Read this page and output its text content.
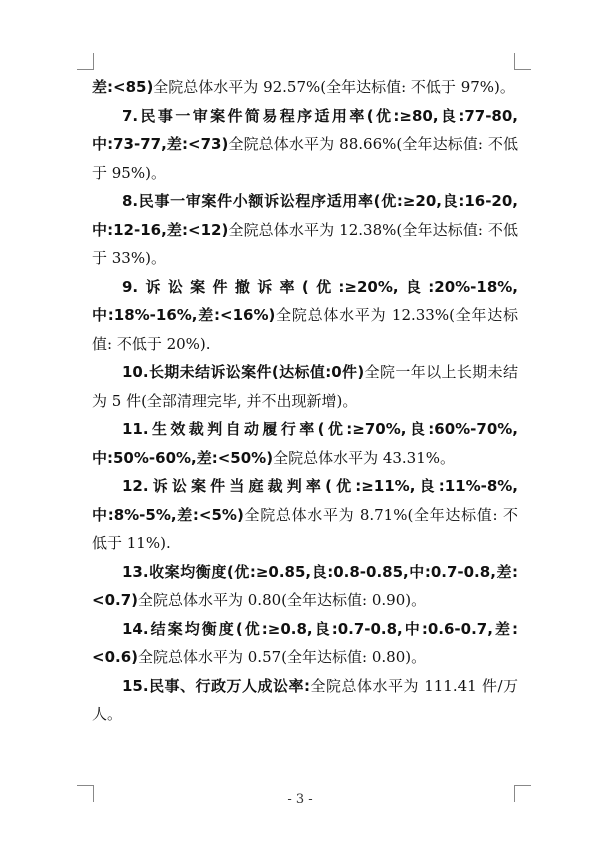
差:<85)全院总体水平为 92.57%(全年达标值: 不低于 97%)。

7.民事一审案件简易程序适用率(优:≥80,良:77-80,中:73-77,差:<73)全院总体水平为 88.66%(全年达标值: 不低于 95%)。

8.民事一审案件小额诉讼程序适用率(优:≥20,良:16-20,中:12-16,差:<12)全院总体水平为 12.38%(全年达标值: 不低于 33%)。

9.诉讼案件撤诉率(优:≥20%,良:20%-18%,中:18%-16%,差:<16%)全院总体水平为 12.33%(全年达标值: 不低于 20%).

10.长期未结诉讼案件(达标值:0件)全院一年以上长期未结为 5 件(全部清理完毕, 并不出现新增)。

11.生效裁判自动履行率(优:≥70%,良:60%-70%,中:50%-60%,差:<50%)全院总体水平为 43.31%。

12.诉讼案件当庭裁判率(优:≥11%,良:11%-8%,中:8%-5%,差:<5%)全院总体水平为 8.71%(全年达标值: 不低于 11%).

13.收案均衡度(优:≥0.85,良:0.8-0.85,中:0.7-0.8,差:<0.7)全院总体水平为 0.80(全年达标值: 0.90)。

14.结案均衡度(优:≥0.8,良:0.7-0.8,中:0.6-0.7,差:<0.6)全院总体水平为 0.57(全年达标值: 0.80)。

15.民事、行政万人成讼率:全院总体水平为 111.41 件/万人。

- 3 -
